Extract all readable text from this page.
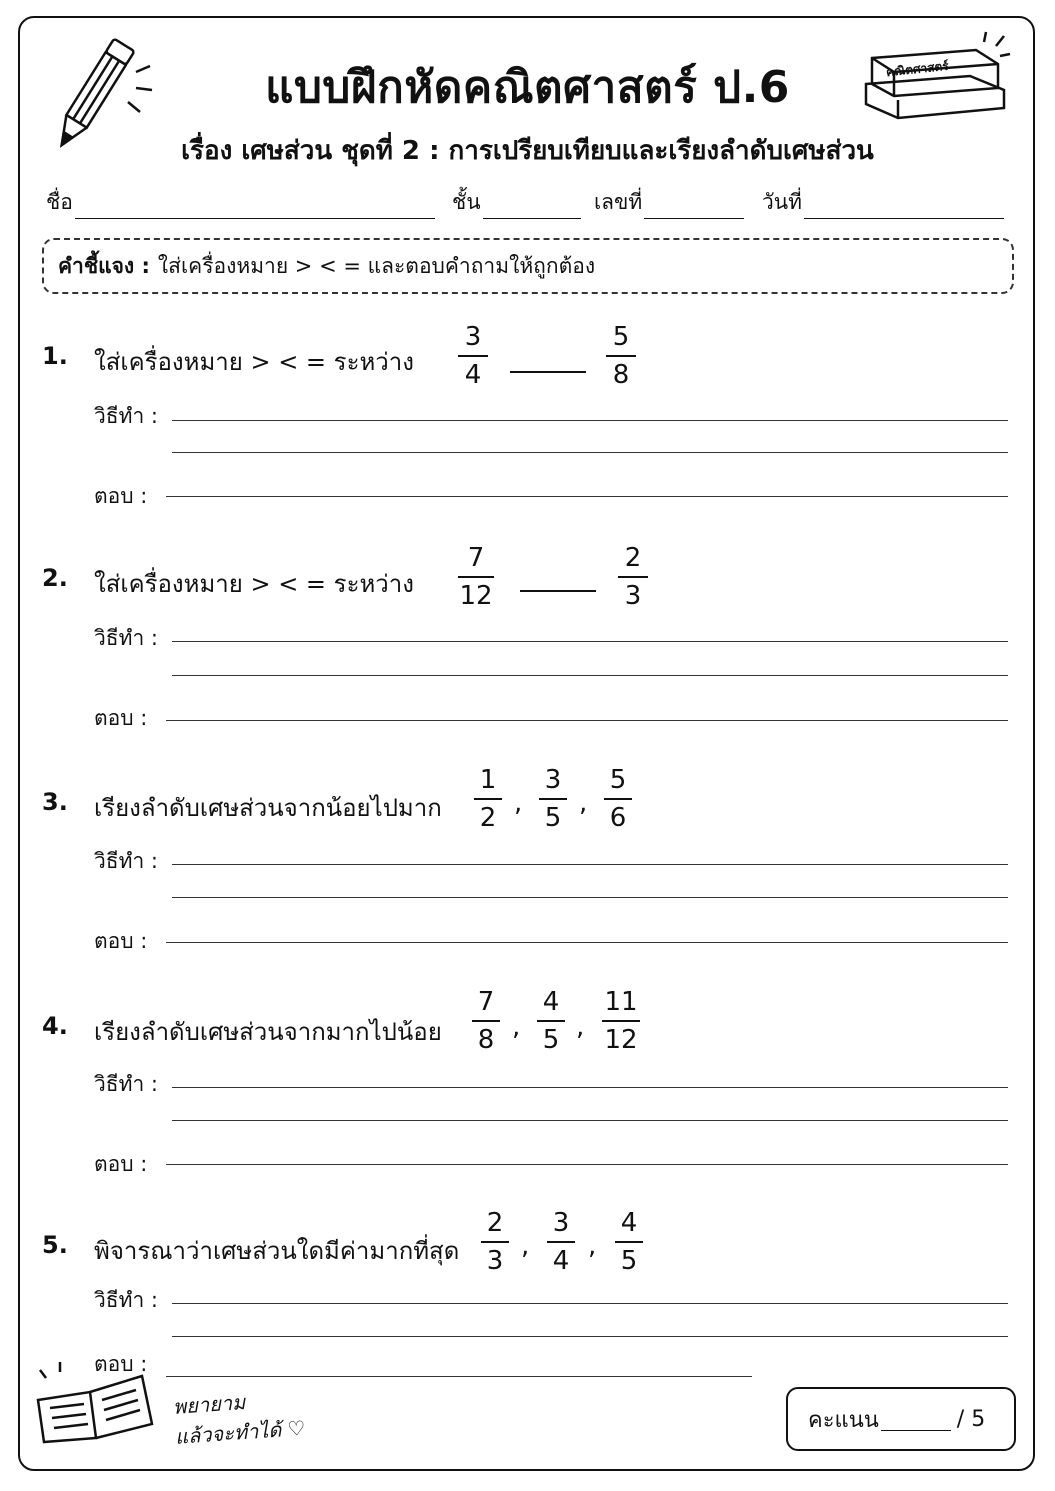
คณิตศาสตร์
แบบฝึกหัดคณิตศาสตร์ ป.6
เรื่อง เศษส่วน ชุดที่ 2 : การเปรียบเทียบและเรียงลำดับเศษส่วน
ชื่อ	ชั้น	เลขที่	วันที่
คำชี้แจง : ใส่เครื่องหมาย > < = และตอบคำถามให้ถูกต้อง
1. ใส่เครื่องหมาย > < = ระหว่าง
3
4
5
8
วิธีทำ :
ตอบ :
2. ใส่เครื่องหมาย > < = ระหว่าง
7
12
2
3
วิธีทำ :
ตอบ :
3. เรียงลำดับเศษส่วนจากน้อยไปมาก
1
2 ,
3
5 ,
5
6
วิธีทำ :
ตอบ :
4. เรียงลำดับเศษส่วนจากมากไปน้อย
7
8 ,
4
5 ,
11
12
วิธีทำ :
ตอบ :
5. พิจารณาว่าเศษส่วนใดมีค่ามากที่สุด
2
3 ,
3
4 ,
4
5
วิธีทำ :
ตอบ :
พยายาม
แล้วจะทำได้ ♡	คะแนน	/ 5
